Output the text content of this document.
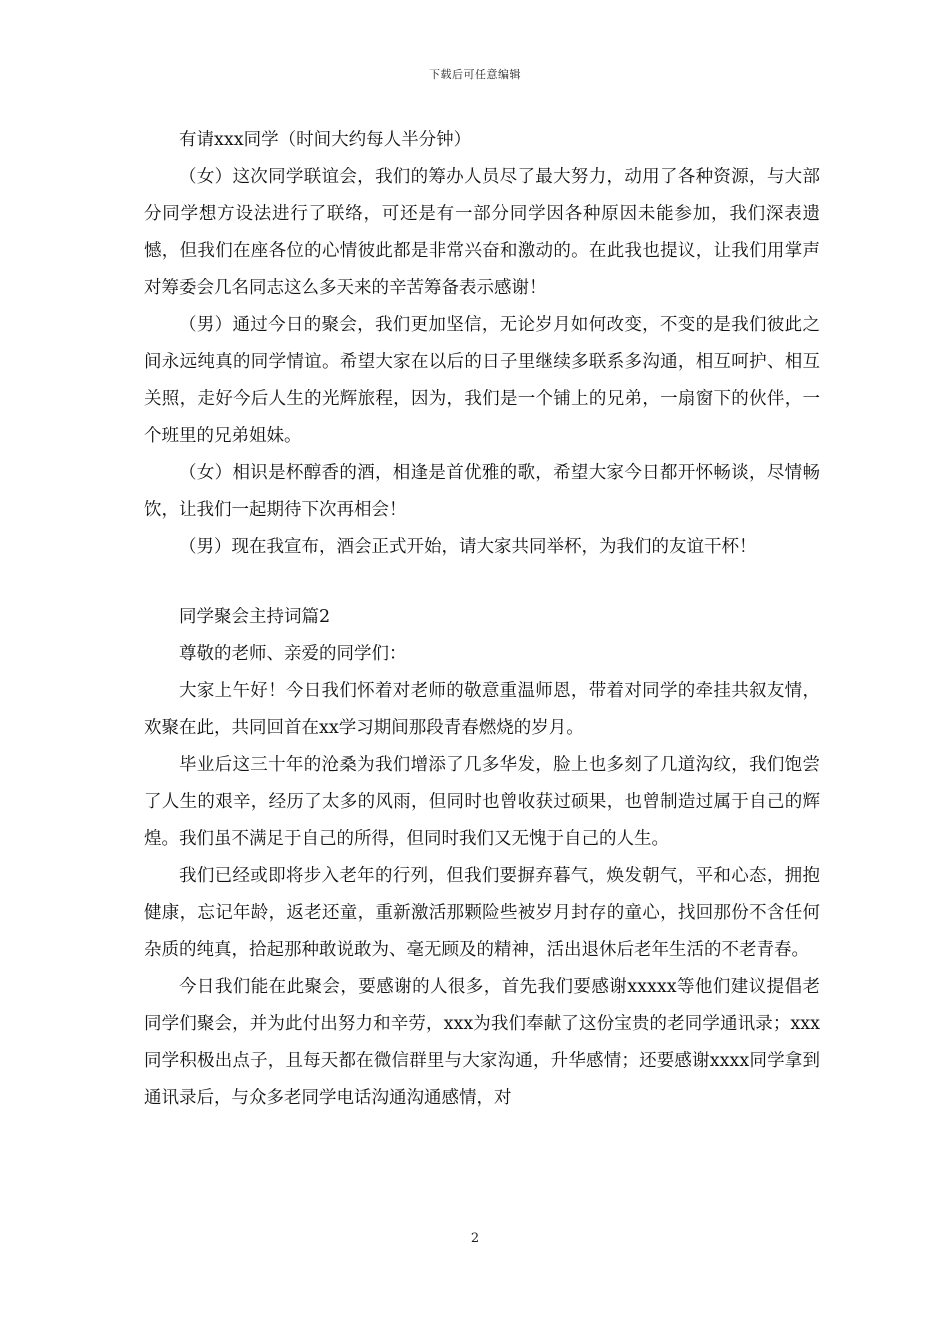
下载后可任意编辑

有请xxx同学（时间大约每人半分钟）

（女）这次同学联谊会，我们的筹办人员尽了最大努力，动用了各种资源，与大部分同学想方设法进行了联络，可还是有一部分同学因各种原因未能参加，我们深表遗憾，但我们在座各位的心情彼此都是非常兴奋和激动的。在此我也提议，让我们用掌声对筹委会几名同志这么多天来的辛苦筹备表示感谢！

（男）通过今日的聚会，我们更加坚信，无论岁月如何改变，不变的是我们彼此之间永远纯真的同学情谊。希望大家在以后的日子里继续多联系多沟通，相互呵护、相互关照，走好今后人生的光辉旅程，因为，我们是一个铺上的兄弟，一扇窗下的伙伴，一个班里的兄弟姐妹。

（女）相识是杯醇香的酒，相逢是首优雅的歌，希望大家今日都开怀畅谈，尽情畅饮，让我们一起期待下次再相会！

（男）现在我宣布，酒会正式开始，请大家共同举杯，为我们的友谊干杯！

同学聚会主持词篇2

尊敬的老师、亲爱的同学们：

大家上午好！今日我们怀着对老师的敬意重温师恩，带着对同学的牵挂共叙友情，欢聚在此，共同回首在xx学习期间那段青春燃烧的岁月。

毕业后这三十年的沧桑为我们增添了几多华发，脸上也多刻了几道沟纹，我们饱尝了人生的艰辛，经历了太多的风雨，但同时也曾收获过硕果，也曾制造过属于自己的辉煌。我们虽不满足于自己的所得，但同时我们又无愧于自己的人生。

我们已经或即将步入老年的行列，但我们要摒弃暮气，焕发朝气，平和心态，拥抱健康，忘记年龄，返老还童，重新激活那颗险些被岁月封存的童心，找回那份不含任何杂质的纯真，拾起那种敢说敢为、毫无顾及的精神，活出退休后老年生活的不老青春。

今日我们能在此聚会，要感谢的人很多，首先我们要感谢xxxxx等他们建议提倡老同学们聚会，并为此付出努力和辛劳，xxx为我们奉献了这份宝贵的老同学通讯录；xxx同学积极出点子，且每天都在微信群里与大家沟通，升华感情；还要感谢xxxx同学拿到通讯录后，与众多老同学电话沟通沟通感情，对

2
